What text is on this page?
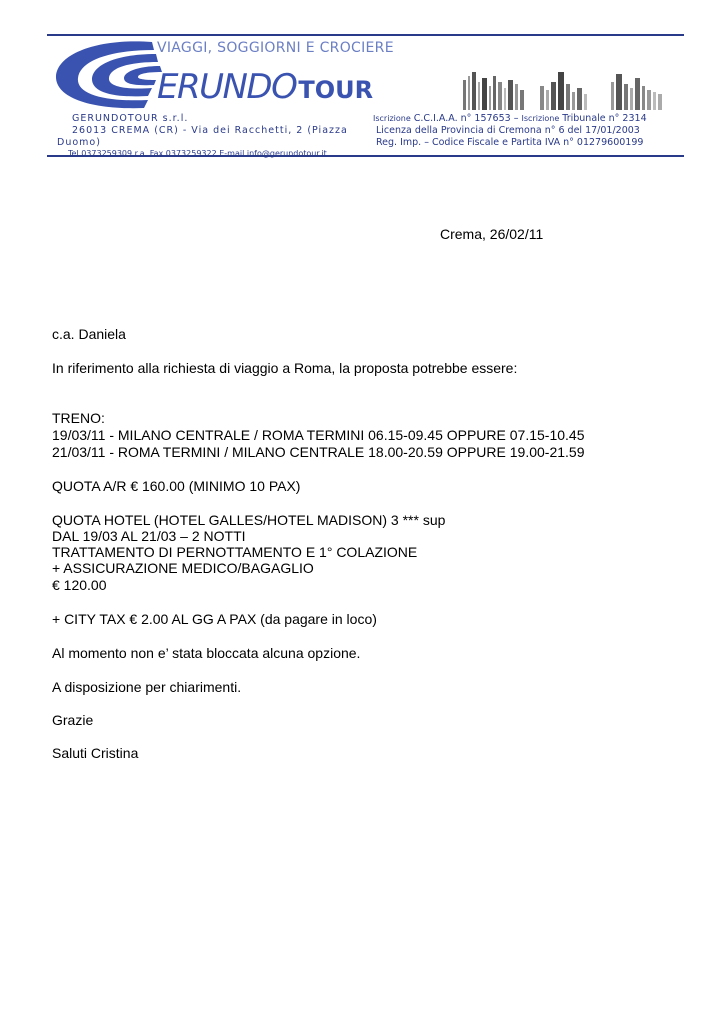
VIAGGI, SOGGIORNI E CROCIERE
ERUNDOTOUR
GERUNDOTOUR s.r.l.
26013 CREMA (CR) - Via dei Racchetti, 2 (Piazza
Duomo)
Tel 0373259309 r.a. Fax 0373259322 E-mail info@gerundotour.it
Iscrizione C.C.I.A.A. n° 157653 – Iscrizione Tribunale n° 2314
Licenza della Provincia di Cremona n° 6 del 17/01/2003
Reg. Imp. – Codice Fiscale e Partita IVA n° 01279600199
Crema, 26/02/11
c.a. Daniela
In riferimento alla richiesta di viaggio a Roma, la proposta potrebbe essere:
TRENO:
19/03/11 - MILANO CENTRALE / ROMA TERMINI 06.15-09.45 OPPURE 07.15-10.45
21/03/11 - ROMA TERMINI / MILANO CENTRALE 18.00-20.59 OPPURE 19.00-21.59
QUOTA A/R € 160.00 (MINIMO 10 PAX)
QUOTA HOTEL (HOTEL GALLES/HOTEL MADISON) 3 *** sup
DAL 19/03 AL 21/03 – 2 NOTTI
TRATTAMENTO DI PERNOTTAMENTO E 1° COLAZIONE
+ ASSICURAZIONE MEDICO/BAGAGLIO
€ 120.00
+ CITY TAX € 2.00 AL GG A PAX (da pagare in loco)
Al momento non e’ stata bloccata alcuna opzione.
A disposizione per chiarimenti.
Grazie
Saluti Cristina
